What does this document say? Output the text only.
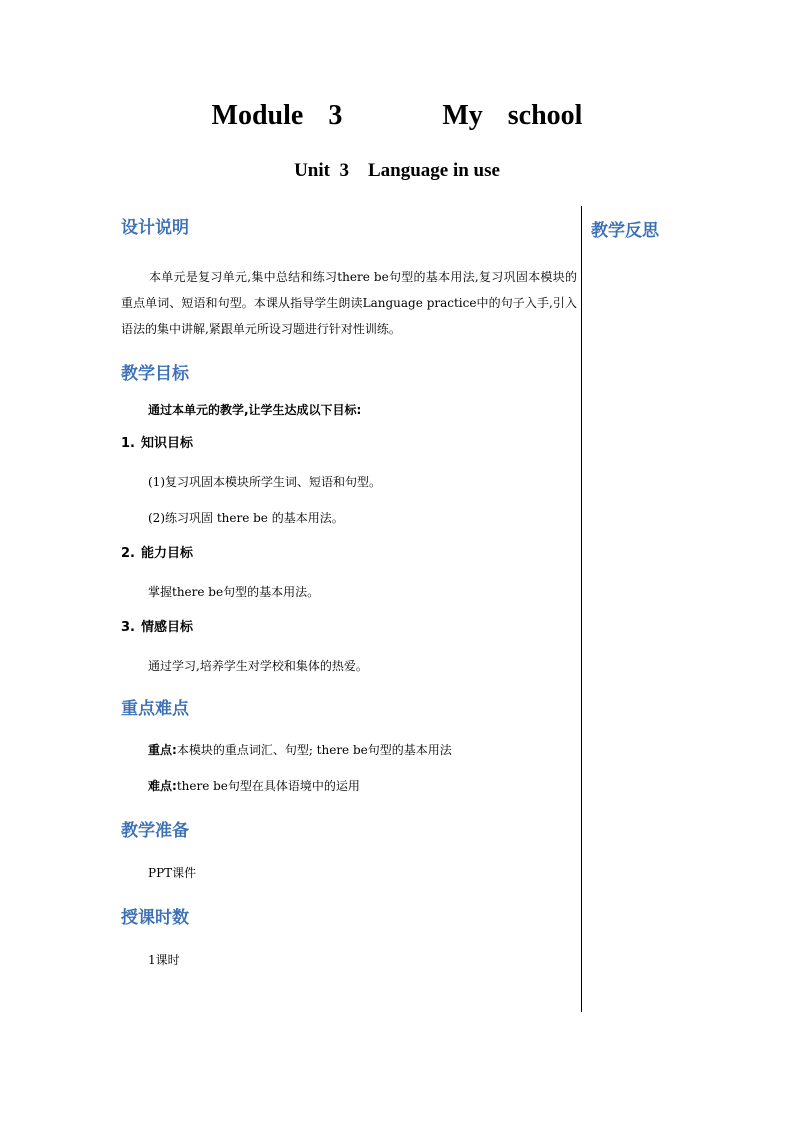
Module 3    My school
Unit  3    Language in use
教学反思
设计说明

本单元是复习单元,集中总结和练习there be句型的基本用法,复习巩固本模块的重点单词、短语和句型。本课从指导学生朗读Language practice中的句子入手,引入语法的集中讲解,紧跟单元所设习题进行针对性训练。

教学目标

通过本单元的教学,让学生达成以下目标:

1. 知识目标

(1)复习巩固本模块所学生词、短语和句型。

(2)练习巩固 there be 的基本用法。

2. 能力目标

掌握there be句型的基本用法。

3. 情感目标

通过学习,培养学生对学校和集体的热爱。

重点难点

重点:本模块的重点词汇、句型; there be句型的基本用法

难点:there be句型在具体语境中的运用

教学准备

PPT课件

授课时数

1课时
